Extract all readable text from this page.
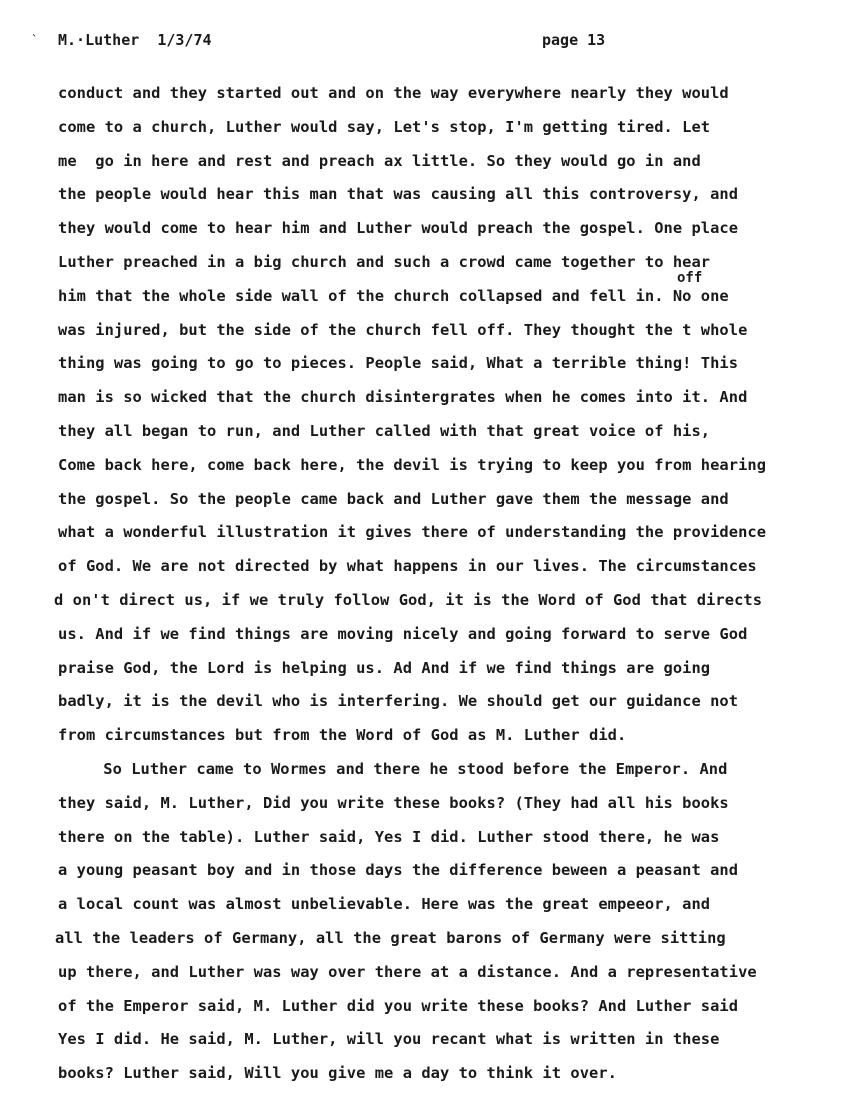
` M.·Luther  1/3/74	page 13
off
conduct and they started out and on the way everywhere nearly they would
come to a church, Luther would say, Let's stop, I'm getting tired. Let
me  go in here and rest and preach ax little. So they would go in and
the people would hear this man that was causing all this controversy, and
they would come to hear him and Luther would preach the gospel. One place
Luther preached in a big church and such a crowd came together to hear
him that the whole side wall of the church collapsed and fell in. No one
was injured, but the side of the church fell off. They thought the t whole
thing was going to go to pieces. People said, What a terrible thing! This
man is so wicked that the church disintergrates when he comes into it. And
they all began to run, and Luther called with that great voice of his,
Come back here, come back here, the devil is trying to keep you from hearing
the gospel. So the people came back and Luther gave them the message and
what a wonderful illustration it gives there of understanding the providence
of God. We are not directed by what happens in our lives. The circumstances
d on't direct us, if we truly follow God, it is the Word of God that directs
us. And if we find things are moving nicely and going forward to serve God
praise God, the Lord is helping us. Ad And if we find things are going
badly, it is the devil who is interfering. We should get our guidance not
from circumstances but from the Word of God as M. Luther did.
So Luther came to Wormes and there he stood before the Emperor. And
they said, M. Luther, Did you write these books? (They had all his books
there on the table). Luther said, Yes I did. Luther stood there, he was
a young peasant boy and in those days the difference beween a peasant and
a local count was almost unbelievable. Here was the great empeeor, and
all the leaders of Germany, all the great barons of Germany were sitting
up there, and Luther was way over there at a distance. And a representative
of the Emperor said, M. Luther did you write these books? And Luther said
Yes I did. He said, M. Luther, will you recant what is written in these
books? Luther said, Will you give me a day to think it over.
